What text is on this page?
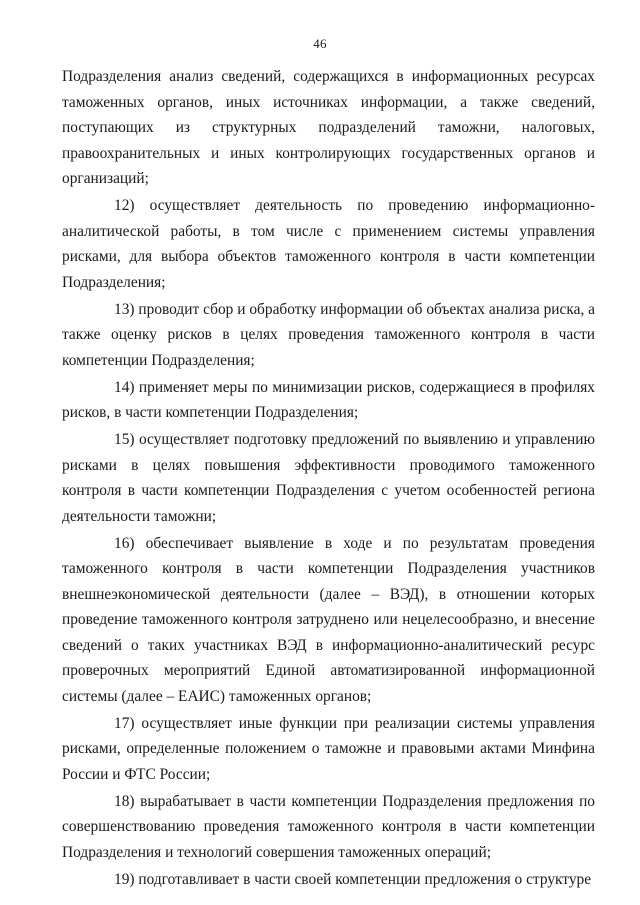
46

Подразделения анализ сведений, содержащихся в информационных ресурсах таможенных органов, иных источниках информации, а также сведений, поступающих из структурных подразделений таможни, налоговых, правоохранительных и иных контролирующих государственных органов и организаций;

12) осуществляет деятельность по проведению информационно-аналитической работы, в том числе с применением системы управления рисками, для выбора объектов таможенного контроля в части компетенции Подразделения;

13) проводит сбор и обработку информации об объектах анализа риска, а также оценку рисков в целях проведения таможенного контроля в части компетенции Подразделения;

14) применяет меры по минимизации рисков, содержащиеся в профилях рисков, в части компетенции Подразделения;

15) осуществляет подготовку предложений по выявлению и управлению рисками в целях повышения эффективности проводимого таможенного контроля в части компетенции Подразделения с учетом особенностей региона деятельности таможни;

16) обеспечивает выявление в ходе и по результатам проведения таможенного контроля в части компетенции Подразделения участников внешнеэкономической деятельности (далее – ВЭД), в отношении которых проведение таможенного контроля затруднено или нецелесообразно, и внесение сведений о таких участниках ВЭД в информационно-аналитический ресурс проверочных мероприятий Единой автоматизированной информационной системы (далее – ЕАИС) таможенных органов;

17) осуществляет иные функции при реализации системы управления рисками, определенные положением о таможне и правовыми актами Минфина России и ФТС России;

18) вырабатывает в части компетенции Подразделения предложения по совершенствованию проведения таможенного контроля в части компетенции Подразделения и технологий совершения таможенных операций;

19) подготавливает в части своей компетенции предложения о структуре
